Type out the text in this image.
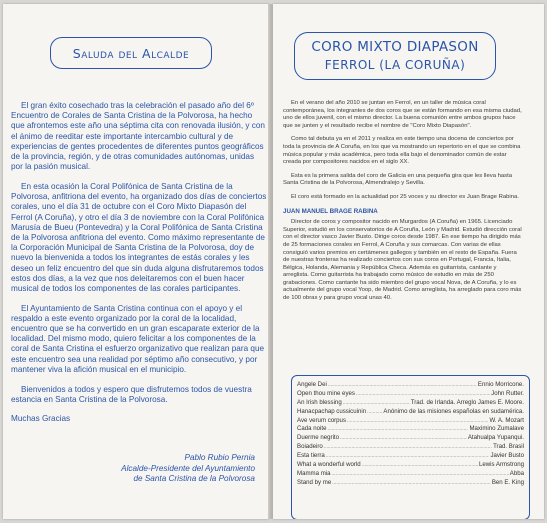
Saluda del Alcalde

El gran éxito cosechado tras la celebración el pasado año del 6º Encuentro de Corales de Santa Cristina de la Polvorosa, ha hecho que afrontemos este año una séptima cita con renovada ilusión, y con el ánimo de reeditar este importante intercambio cultural y de experiencias de gentes procedentes de diferentes puntos geográficos de la provincia, región, y de otras comunidades autónomas, unidas por la pasión musical.

En esta ocasión la Coral Polifónica de Santa Cristina de la Polvorosa, anfitriona del evento, ha organizado dos días de conciertos corales, uno el día 31 de octubre con el Coro Mixto Diapasón del Ferrol (A Coruña), y otro el día 3 de noviembre con la Coral Polifónica Marusía de Bueu (Pontevedra) y la Coral Polifónica de Santa Cristina de la Polvorosa anfitriona del evento. Como máximo representante de la Corporación Municipal de Santa Cristina de la Polvorosa, doy de nuevo la bienvenida a todos los integrantes de estás corales y les deseo un feliz encuentro del que sin duda alguna disfrutaremos todos estos dos días, a la vez que nos deleitaremos con el buen hacer musical de todos los componentes de las corales participantes.

El Ayuntamiento de Santa Cristina continua con el apoyo y el respaldo a este evento organizado por la coral de la localidad, encuentro que se ha convertido en un gran escaparate exterior de la localidad. Del mismo modo, quiero felicitar a los componentes de la coral de Santa Cristina el esfuerzo organizativo que realizan para que este encuentro sea una realidad por séptimo año consecutivo, y por mantener viva la afición musical en el municipio.

Bienvenidos a todos y espero que disfrutemos todos de vuestra estancia en Santa Cristina de la Polvorosa.

Muchas Gracias

Pablo Rubio Pernia
Alcalde-Presidente del Ayuntamiento
de Santa Cristina de la Polvorosa
CORO MIXTO DIAPASON
FERROL (LA CORUÑA)

En el verano del año 2010 se juntan en Ferrol, en un taller de música coral contemporánea, los integrantes de dos coros que se están formando en esa misma ciudad, uno de ellos juvenil, con el mismo director. La buena comunión entre ambos grupos hace que se junten y el resultado recibe el nombre de "Coro Mixto Diapasón".

Como tal debuta ya en el 2011 y realiza en este tiempo una docena de conciertos por toda la provincia de A Coruña, en los que va mostrando un repertorio en el que se combina música popular y más académica, pero toda ella bajo el denominador común de estar creada por compositores nacidos en el siglo XX.

Esta es la primera salida del coro de Galicia en una pequeña gira que les lleva hasta Santa Cristina de la Polvorosa, Almendralejo y Sevilla.

El coro está formado en la actualidad por 25 voces y su director es Juan Brage Rabina.

JUAN MANUEL BRAGE RABINA

Director de coros y compositor nacido en Murgardos (A Coruña) en 1965. Licenciado Superior, estudió en los conservatorios de A Coruña, León y Madrid. Estudió dirección coral con el director vasco Javier Busto. Dirige coros desde 1987. En ese tiempo ha dirigido más de 25 formaciones corales en Ferrol, A Coruña y sus comarcas. Con varias de ellas consiguió varios premios en certámenes gallegos y también en el resto de España. Fuera de nuestras fronteras ha realizado conciertos con sus coros en Portugal, Francia, Italia, Bélgica, Holanda, Alemania y República Checa. Además es guitarrista, cantante y arreglista. Como guitarrista ha trabajado como músico de estudio en más de 250 grabaciones. Como cantante ha sido miembro del grupo vocal Nova, de A Coruña, y lo es actualmente del grupo vocal Yoop, de Madrid. Como arreglista, ha arreglado para coro más de 100 obras y para grupo vocal unas 40.

Angele Dei .....	Ennio Morricone.
Open thou mine eyes .....	John Rutter.
An Irish blessing .....	Trad. de Irlanda. Arreglo James E. Moore.
Hanacpachap cussicuinin .....	Anónimo de las misiones españolas en sudamérica.
Ave verum corpus .....	W. A. Mozart
Cada noite .....	Maximino Zumalave
Duerme negrito .....	Atahualpa Yupanqui.
Boiadeiro .....	Trad. Brasil
Esta tierra .....	Javier Busto
What a wonderful world .....	Lewis Armstrong
Mamma mia .....	Abba
Stand by me .....	Ben E. King
